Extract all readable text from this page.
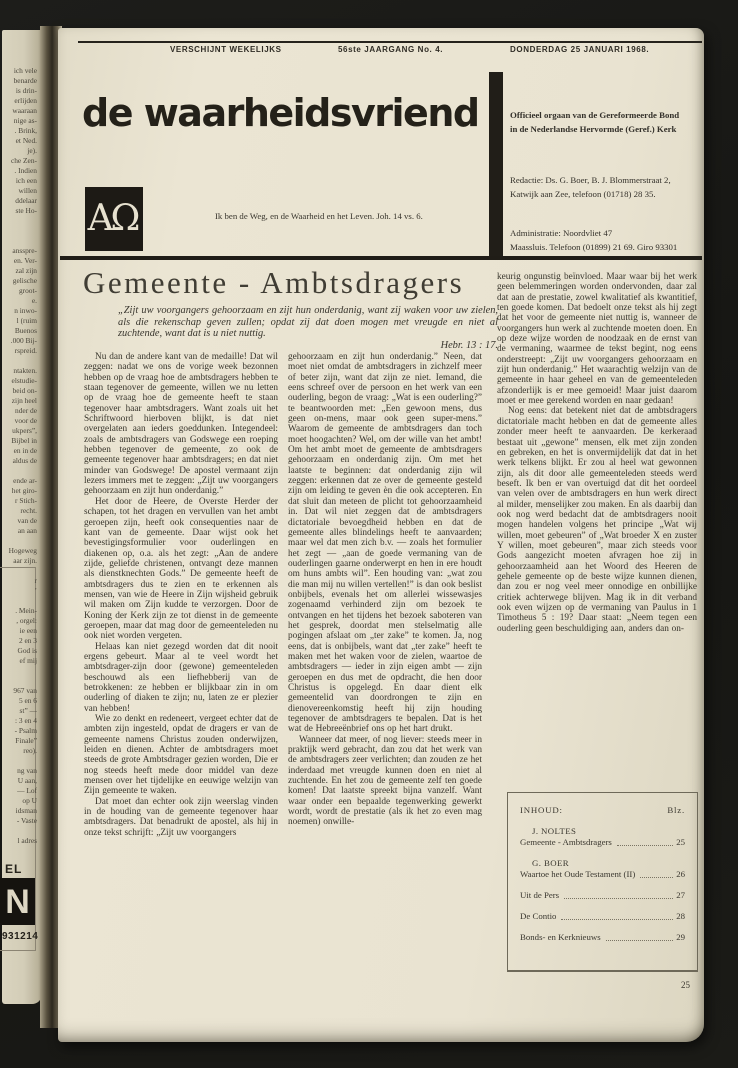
ich vele
benarde
is drin-
erlijden
waaraan
nige as-
. Brink,
et Ned.
je).
che Zen-
. Indien
ich een
willen
ddelaar
ste Ho-
ansspre-
en. Ver-
zal zijn
gelische
groot-
e.
n inwo-
l (ruim
Buenos
.000 Bij-
rspreid.
ntakten.
elstudie-
beid on-
zijn heel
nder de
voor de
ukpers”,
Bijbel in
en in de
aldus de
ende ar-
het giro-
r Stich-
recht.
van de
an aan
Hogeweg
aar zijn.
r
’
. Mein-
, orgel:
ie een
2 en 3
God is
ef mij
967 van
5 en 6
st” —
: 3 en 4
- Psalm
Finale”
reo).
ng van
U aan,
— Lof
op U
idsman
- Vaste
l adres
EL
N
931214
VERSCHIJNT WEKELIJKS	56ste JAARGANG No. 4.	DONDERDAG 25 JANUARI 1968.
de waarheidsvriend
ΑΩ	Ik ben de Weg, en de Waarheid en het Leven. Joh. 14 vs. 6.
Officieel orgaan van de Gereformeerde Bond
in de Nederlandse Hervormde (Geref.) Kerk
Redactie: Ds. G. Boer, B. J. Blommerstraat 2,
Katwijk aan Zee, telefoon (01718) 28 35.
Administratie: Noordvliet 47
Maassluis. Telefoon (01899) 21 69. Giro 93301
Gemeente - Ambtsdragers
„Zijt uw voorgangers gehoorzaam en zijt hun onderdanig, want zij waken voor uw zielen, als die rekenschap geven zullen; opdat zij dat doen mogen met vreugde en niet al zuchtende, want dat is u niet nuttig.
Hebr. 13 : 17.

Nu dan de andere kant van de medaille! Dat wil zeggen: nadat we ons de vorige week bezonnen hebben op de vraag hoe de ambtsdragers hebben te staan tegenover de gemeente, willen we nu letten op de vraag hoe de gemeente heeft te staan tegenover haar ambtsdragers. Want zoals uit het Schriftwoord hierboven blijkt, is dat niet overgelaten aan ieders goeddunken. Integendeel: zoals de ambtsdragers van Godswege een roeping hebben tegenover de gemeente, zo ook de gemeente tegenover haar ambtsdragers; en dat niet minder van Godswege! De apostel vermaant zijn lezers immers met te zeggen: „Zijt uw voorgangers gehoorzaam en zijt hun onderdanig.”

Het door de Heere, de Overste Herder der schapen, tot het dragen en vervullen van het ambt geroepen zijn, heeft ook consequenties naar de kant van de gemeente. Daar wijst ook het bevestigingsformulier voor ouderlingen en diakenen op, o.a. als het zegt: „Aan de andere zijde, geliefde christenen, ontvangt deze mannen als dienstknechten Gods.” De gemeente heeft de ambtsdragers dus te zien en te erkennen als mensen, van wie de Heere in Zijn wijsheid gebruik wil maken om Zijn kudde te verzorgen. Door de Koning der Kerk zijn ze tot dienst in de gemeente geroepen, maar dat mag door de gemeenteleden nu ook niet worden vergeten.

Helaas kan niet gezegd worden dat dit nooit ergens gebeurt. Maar al te veel wordt het ambtsdrager-zijn door (gewone) gemeenteleden beschouwd als een liefhebberij van de betrokkenen: ze hebben er blijkbaar zin in om ouderling of diaken te zijn; nu, laten ze er plezier van hebben!

Wie zo denkt en redeneert, vergeet echter dat de ambten zijn ingesteld, opdat de dragers er van de gemeente namens Christus zouden onderwijzen, leiden en dienen. Achter de ambtsdragers moet steeds de grote Ambtsdrager gezien worden, Die er nog steeds heeft mede door middel van deze mensen over het tijdelijke en eeuwige welzijn van Zijn gemeente te waken.

Dat moet dan echter ook zijn weerslag vinden in de houding van de gemeente tegenover haar ambtsdragers. Dat benadrukt de apostel, als hij in onze tekst schrijft: „Zijt uw voorgangers

gehoorzaam en zijt hun onderdanig.” Neen, dat moet niet omdat de ambtsdragers in zichzelf meer of beter zijn, want dat zijn ze niet. Iemand, die eens schreef over de persoon en het werk van een ouderling, begon de vraag: „Wat is een ouderling?” te beantwoorden met: „Een gewoon mens, dus geen on-mens, maar ook geen super-mens.” Waarom de gemeente de ambtsdragers dan toch moet hoogachten? Wel, om der wille van het ambt! Om het ambt moet de gemeente de ambtsdragers gehoorzaam en onderdanig zijn. Om met het laatste te beginnen: dat onderdanig zijn wil zeggen: erkennen dat ze over de gemeente gesteld zijn om leiding te geven èn die ook accepteren. En dat sluit dan meteen de plicht tot gehoorzaamheid in. Dat wil niet zeggen dat de ambtsdragers dictatoriale bevoegdheid hebben en dat de gemeente alles blindelings heeft te aanvaarden; maar wel dat men zich b.v. — zoals het formulier het zegt — „aan de goede vermaning van de ouderlingen gaarne onderwerpt en hen in ere houdt om huns ambts wil”. Een houding van: „wat zou die man mij nu willen vertellen!” is dan ook beslist onbijbels, evenals het om allerlei wissewasjes zogenaamd verhinderd zijn om bezoek te ontvangen en het tijdens het bezoek saboteren van het gesprek, doordat men stelselmatig alle pogingen afslaat om „ter zake” te komen. Ja, nog eens, dat is onbijbels, want dat „ter zake” heeft te maken met het waken voor de zielen, waartoe de ambtsdragers — ieder in zijn eigen ambt — zijn geroepen en dus met de opdracht, die hen door Christus is opgelegd. En daar dient elk gemeentelid van doordrongen te zijn en dienovereenkomstig heeft hij zijn houding tegenover de ambtsdragers te bepalen. Dat is het wat de Hebreeënbrief ons op het hart drukt.

Wanneer dat meer, of nog liever: steeds meer in praktijk werd gebracht, dan zou dat het werk van de ambtsdragers zeer verlichten; dan zouden ze het inderdaad met vreugde kunnen doen en niet al zuchtende. En het zou de gemeente zelf ten goede komen! Dat laatste spreekt bijna vanzelf. Want waar onder een bepaalde tegenwerking gewerkt wordt, wordt de prestatie (als ik het zo even mag noemen) onwille-

keurig ongunstig beïnvloed. Maar waar bij het werk geen belemmeringen worden ondervonden, daar zal dat aan de prestatie, zowel kwalitatief als kwantitief, ten goede komen. Dat bedoelt onze tekst als hij zegt dat het voor de gemeente niet nuttig is, wanneer de voorgangers hun werk al zuchtende moeten doen. En op deze wijze worden de noodzaak en de ernst van de vermaning, waarmee de tekst begint, nog eens onderstreept: „Zijt uw voorgangers gehoorzaam en zijt hun onderdanig.” Het waarachtig welzijn van de gemeente in haar geheel en van de gemeenteleden afzonderlijk is er mee gemoeid! Maar juist daarom moet er mee gerekend worden en naar gedaan!

Nog eens: dat betekent niet dat de ambtsdragers dictatoriale macht hebben en dat de gemeente alles zonder meer heeft te aanvaarden. De kerkeraad bestaat uit „gewone” mensen, elk met zijn zonden en gebreken, en het is onvermijdelijk dat dat in het werk telkens blijkt. Er zou al heel wat gewonnen zijn, als dit door alle gemeenteleden steeds werd beseft. Ik ben er van overtuigd dat dit het oordeel van velen over de ambtsdragers en hun werk direct al milder, menselijker zou maken. En als daarbij dan ook nog werd bedacht dat de ambtsdragers nooit mogen handelen volgens het principe „Wat wij willen, moet gebeuren” of „Wat broeder X en zuster Y willen, moet gebeuren”, maar zich steeds voor Gods aangezicht moeten afvragen hoe zij in gehoorzaamheid aan het Woord des Heeren de gehele gemeente op de beste wijze kunnen dienen, dan zou er nog veel meer onnodige en onbillijke critiek achterwege blijven. Mag ik in dit verband ook even wijzen op de vermaning van Paulus in 1 Timotheus 5 : 19? Daar staat: „Neem tegen een ouderling geen beschuldiging aan, anders dan on-

INHOUD:	Blz.
J. NOLTES
Gemeente - Ambtsdragers	25
G. BOER
Waartoe het Oude Testament (II)	26
Uit de Pers	27
De Contio	28
Bonds- en Kerknieuws	29
25
